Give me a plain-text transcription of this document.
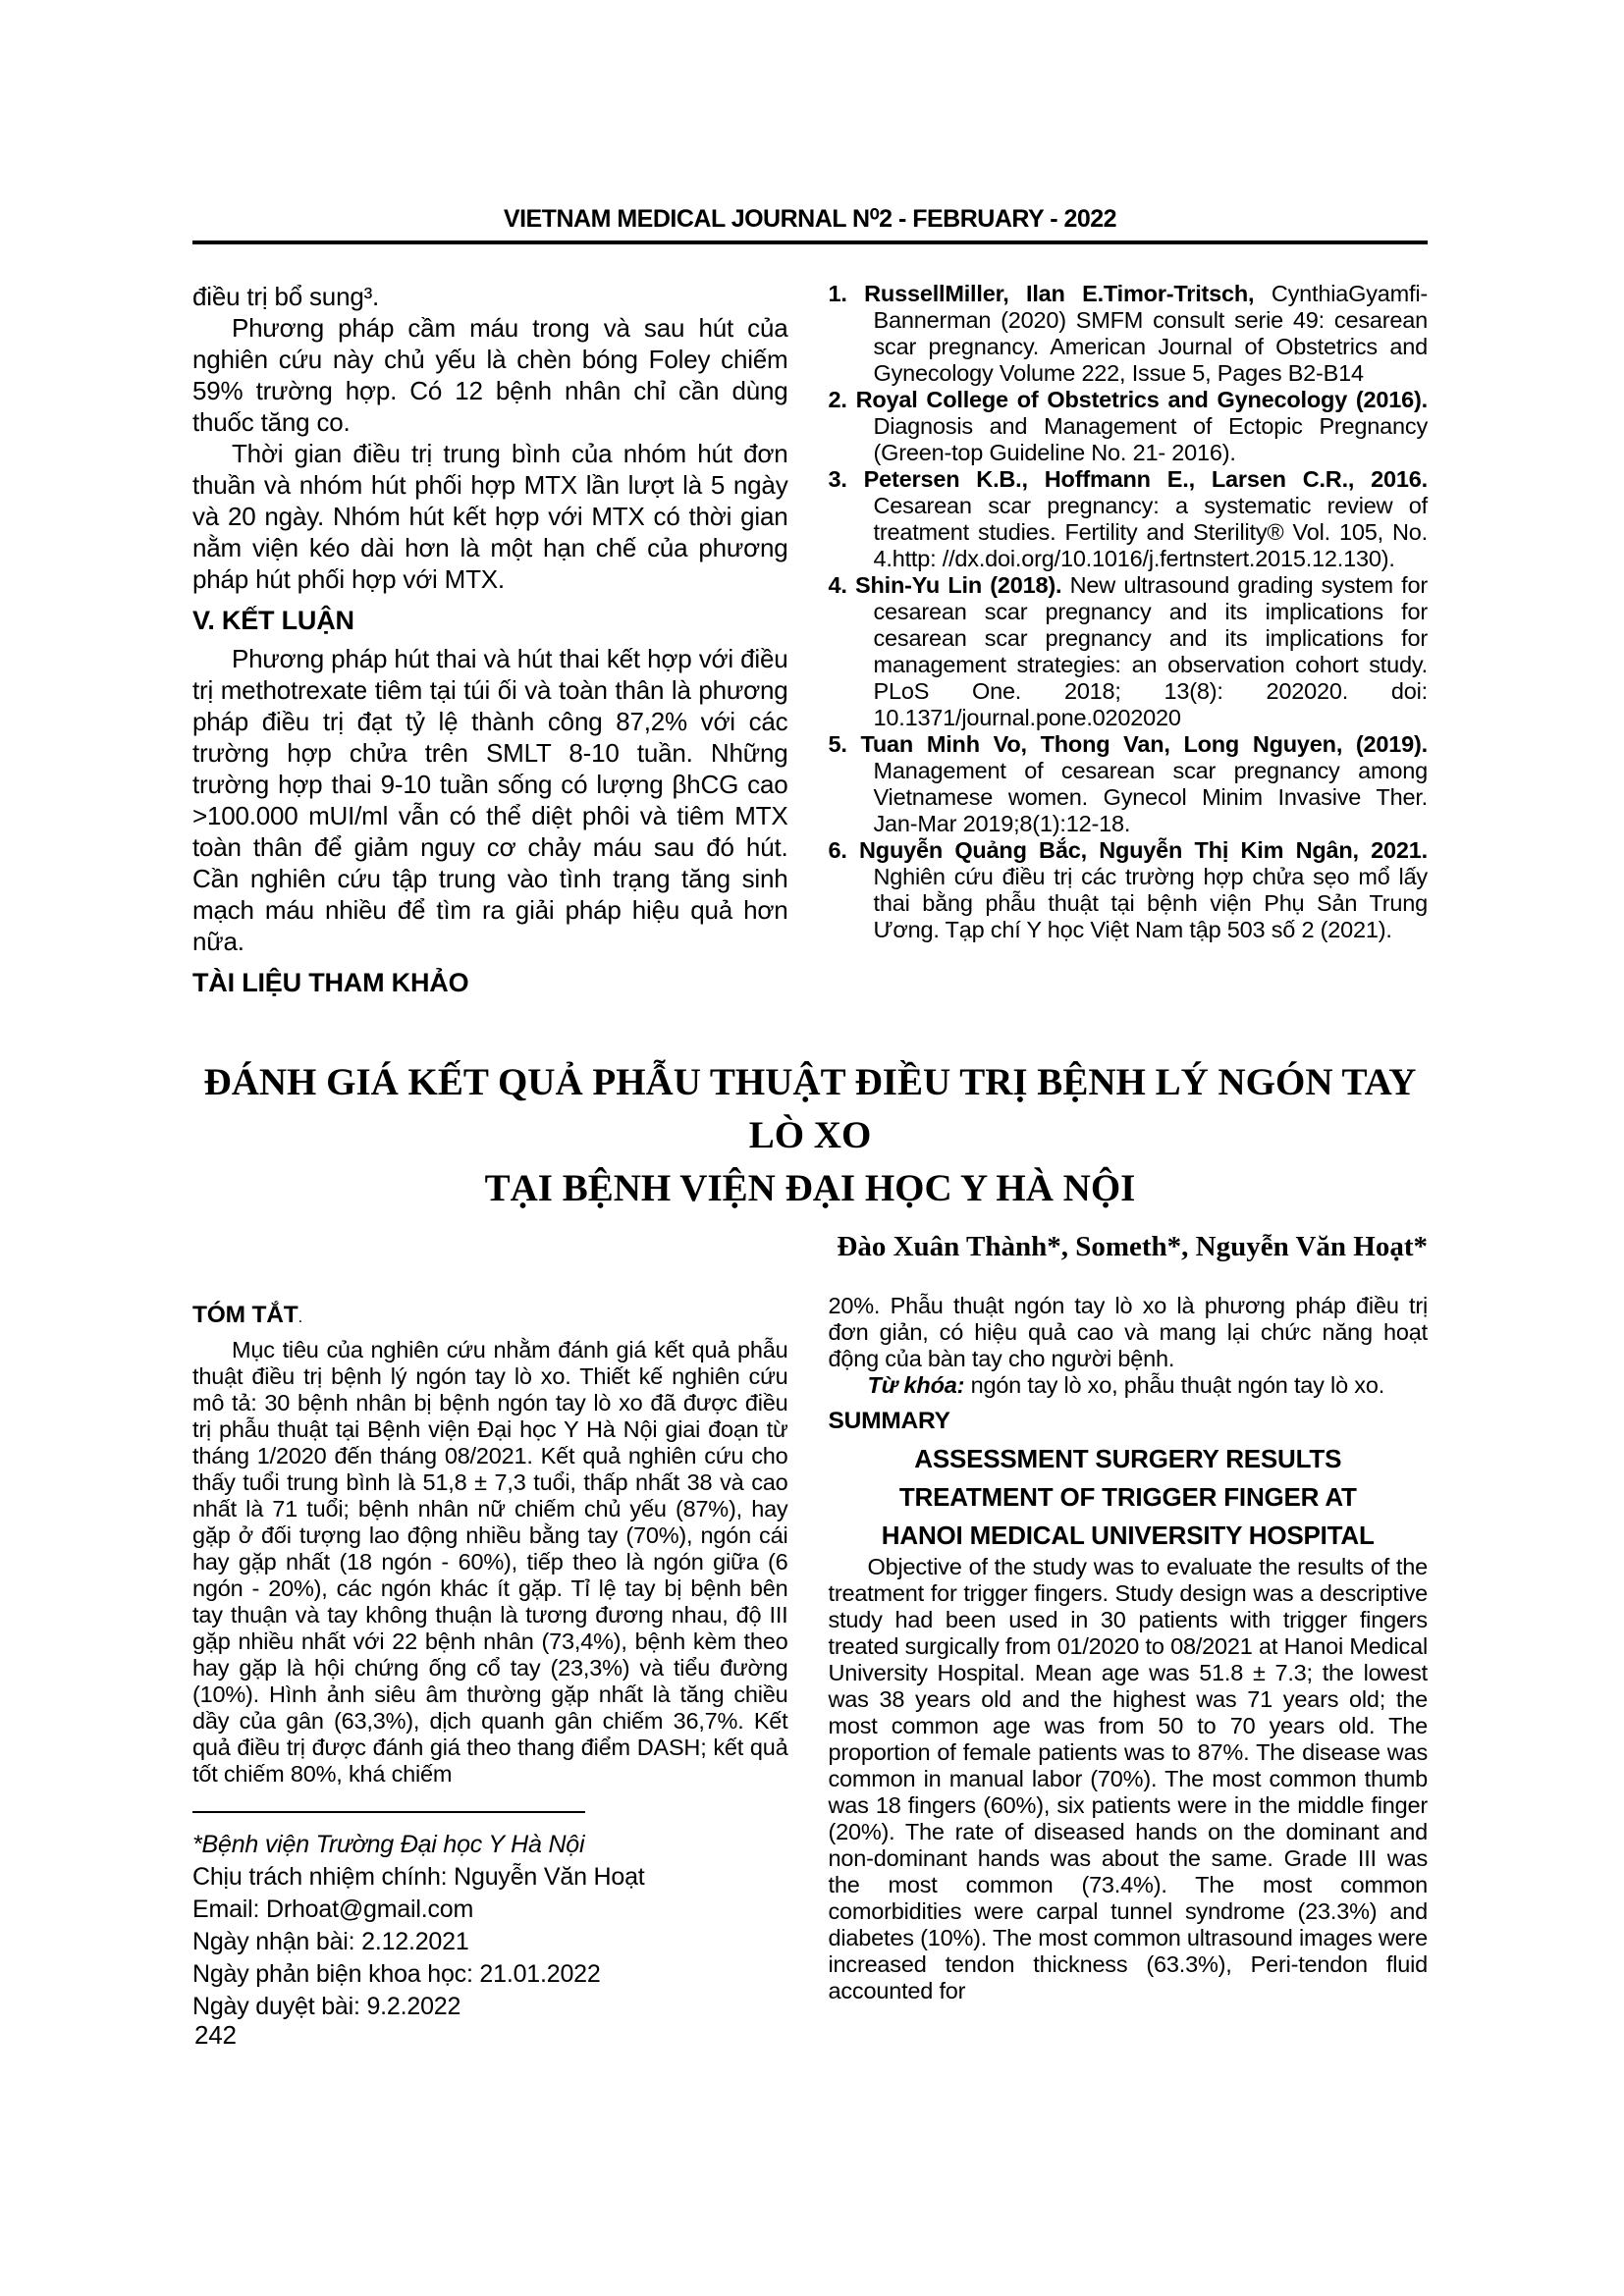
VIETNAM MEDICAL JOURNAL N⁰2 - FEBRUARY - 2022

điều trị bổ sung³.

Phương pháp cầm máu trong và sau hút của nghiên cứu này chủ yếu là chèn bóng Foley chiếm 59% trường hợp. Có 12 bệnh nhân chỉ cần dùng thuốc tăng co.

Thời gian điều trị trung bình của nhóm hút đơn thuần và nhóm hút phối hợp MTX lần lượt là 5 ngày và 20 ngày. Nhóm hút kết hợp với MTX có thời gian nằm viện kéo dài hơn là một hạn chế của phương pháp hút phối hợp với MTX.

V. KẾT LUẬN

Phương pháp hút thai và hút thai kết hợp với điều trị methotrexate tiêm tại túi ối và toàn thân là phương pháp điều trị đạt tỷ lệ thành công 87,2% với các trường hợp chửa trên SMLT 8-10 tuần. Những trường hợp thai 9-10 tuần sống có lượng βhCG cao >100.000 mUI/ml vẫn có thể diệt phôi và tiêm MTX toàn thân để giảm nguy cơ chảy máu sau đó hút. Cần nghiên cứu tập trung vào tình trạng tăng sinh mạch máu nhiều để tìm ra giải pháp hiệu quả hơn nữa.

TÀI LIỆU THAM KHẢO

1. RussellMiller, Ilan E.Timor-Tritsch, CynthiaGyamfi-Bannerman (2020) SMFM consult serie 49: cesarean scar pregnancy. American Journal of Obstetrics and Gynecology Volume 222, Issue 5, Pages B2-B14

2. Royal College of Obstetrics and Gynecology (2016). Diagnosis and Management of Ectopic Pregnancy (Green-top Guideline No. 21- 2016).

3. Petersen K.B., Hoffmann E., Larsen C.R., 2016. Cesarean scar pregnancy: a systematic review of treatment studies. Fertility and Sterility® Vol. 105, No. 4.http: //dx.doi.org/10.1016/j.fertnstert.2015.12.130).

4. Shin-Yu Lin (2018). New ultrasound grading system for cesarean scar pregnancy and its implications for cesarean scar pregnancy and its implications for management strategies: an observation cohort study. PLoS One. 2018; 13(8): 202020. doi: 10.1371/journal.pone.0202020

5. Tuan Minh Vo, Thong Van, Long Nguyen, (2019). Management of cesarean scar pregnancy among Vietnamese women. Gynecol Minim Invasive Ther. Jan-Mar 2019;8(1):12-18.

6. Nguyễn Quảng Bắc, Nguyễn Thị Kim Ngân, 2021. Nghiên cứu điều trị các trường hợp chửa sẹo mổ lấy thai bằng phẫu thuật tại bệnh viện Phụ Sản Trung Ương. Tạp chí Y học Việt Nam tập 503 số 2 (2021).

ĐÁNH GIÁ KẾT QUẢ PHẪU THUẬT ĐIỀU TRỊ BỆNH LÝ NGÓN TAY LÒ XO
TẠI BỆNH VIỆN ĐẠI HỌC Y HÀ NỘI
Đào Xuân Thành*, Someth*, Nguyễn Văn Hoạt*
TÓM TẮT.

Mục tiêu của nghiên cứu nhằm đánh giá kết quả phẫu thuật điều trị bệnh lý ngón tay lò xo. Thiết kế nghiên cứu mô tả: 30 bệnh nhân bị bệnh ngón tay lò xo đã được điều trị phẫu thuật tại Bệnh viện Đại học Y Hà Nội giai đoạn từ tháng 1/2020 đến tháng 08/2021. Kết quả nghiên cứu cho thấy tuổi trung bình là 51,8 ± 7,3 tuổi, thấp nhất 38 và cao nhất là 71 tuổi; bệnh nhân nữ chiếm chủ yếu (87%), hay gặp ở đối tượng lao động nhiều bằng tay (70%), ngón cái hay gặp nhất (18 ngón - 60%), tiếp theo là ngón giữa (6 ngón - 20%), các ngón khác ít gặp. Tỉ lệ tay bị bệnh bên tay thuận và tay không thuận là tương đương nhau, độ III gặp nhiều nhất với 22 bệnh nhân (73,4%), bệnh kèm theo hay gặp là hội chứng ống cổ tay (23,3%) và tiểu đường (10%). Hình ảnh siêu âm thường gặp nhất là tăng chiều dầy của gân (63,3%), dịch quanh gân chiếm 36,7%. Kết quả điều trị được đánh giá theo thang điểm DASH; kết quả tốt chiếm 80%, khá chiếm

*Bệnh viện Trường Đại học Y Hà Nội
Chịu trách nhiệm chính: Nguyễn Văn Hoạt
Email: Drhoat@gmail.com
Ngày nhận bài: 2.12.2021
Ngày phản biện khoa học: 21.01.2022
Ngày duyệt bài: 9.2.2022

20%. Phẫu thuật ngón tay lò xo là phương pháp điều trị đơn giản, có hiệu quả cao và mang lại chức năng hoạt động của bàn tay cho người bệnh.

Từ khóa: ngón tay lò xo, phẫu thuật ngón tay lò xo.

SUMMARY
ASSESSMENT SURGERY RESULTS
TREATMENT OF TRIGGER FINGER AT
HANOI MEDICAL UNIVERSITY HOSPITAL

Objective of the study was to evaluate the results of the treatment for trigger fingers. Study design was a descriptive study had been used in 30 patients with trigger fingers treated surgically from 01/2020 to 08/2021 at Hanoi Medical University Hospital. Mean age was 51.8 ± 7.3; the lowest was 38 years old and the highest was 71 years old; the most common age was from 50 to 70 years old. The proportion of female patients was to 87%. The disease was common in manual labor (70%). The most common thumb was 18 fingers (60%), six patients were in the middle finger (20%). The rate of diseased hands on the dominant and non-dominant hands was about the same. Grade III was the most common (73.4%). The most common comorbidities were carpal tunnel syndrome (23.3%) and diabetes (10%). The most common ultrasound images were increased tendon thickness (63.3%), Peri-tendon fluid accounted for

242
